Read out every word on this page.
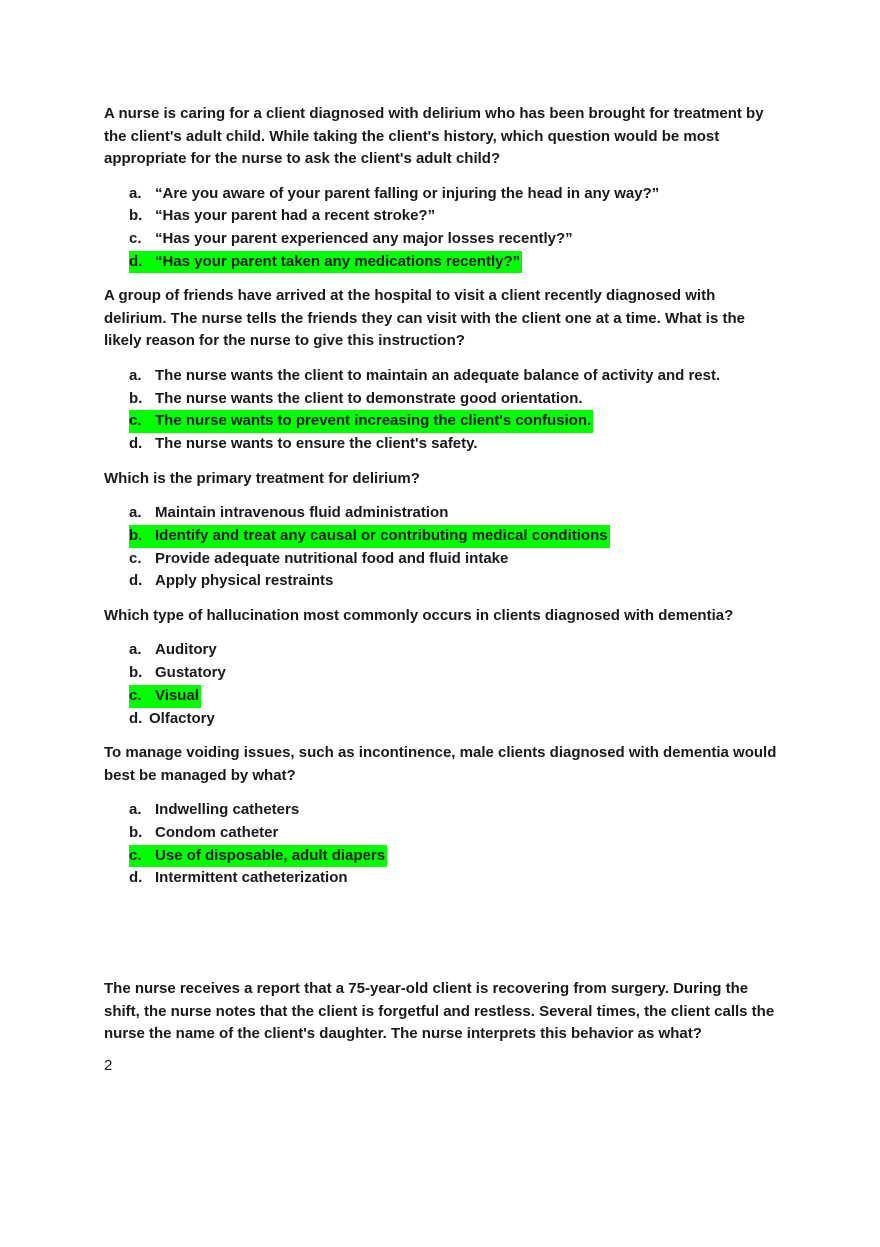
A nurse is caring for a client diagnosed with delirium who has been brought for treatment by the client's adult child. While taking the client's history, which question would be most appropriate for the nurse to ask the client's adult child?

a. “Are you aware of your parent falling or injuring the head in any way?”
b. “Has your parent had a recent stroke?”
c. “Has your parent experienced any major losses recently?”
d. “Has your parent taken any medications recently?”

A group of friends have arrived at the hospital to visit a client recently diagnosed with delirium. The nurse tells the friends they can visit with the client one at a time. What is the likely reason for the nurse to give this instruction?

a. The nurse wants the client to maintain an adequate balance of activity and rest.
b. The nurse wants the client to demonstrate good orientation.
c. The nurse wants to prevent increasing the client's confusion.
d. The nurse wants to ensure the client's safety.

Which is the primary treatment for delirium?

a. Maintain intravenous fluid administration
b. Identify and treat any causal or contributing medical conditions
c. Provide adequate nutritional food and fluid intake
d. Apply physical restraints

Which type of hallucination most commonly occurs in clients diagnosed with dementia?

a. Auditory
b. Gustatory
c. Visual
d. Olfactory

To manage voiding issues, such as incontinence, male clients diagnosed with dementia would best be managed by what?

a. Indwelling catheters
b. Condom catheter
c. Use of disposable, adult diapers
d. Intermittent catheterization

The nurse receives a report that a 75-year-old client is recovering from surgery. During the shift, the nurse notes that the client is forgetful and restless. Several times, the client calls the nurse the name of the client's daughter. The nurse interprets this behavior as what?

2
